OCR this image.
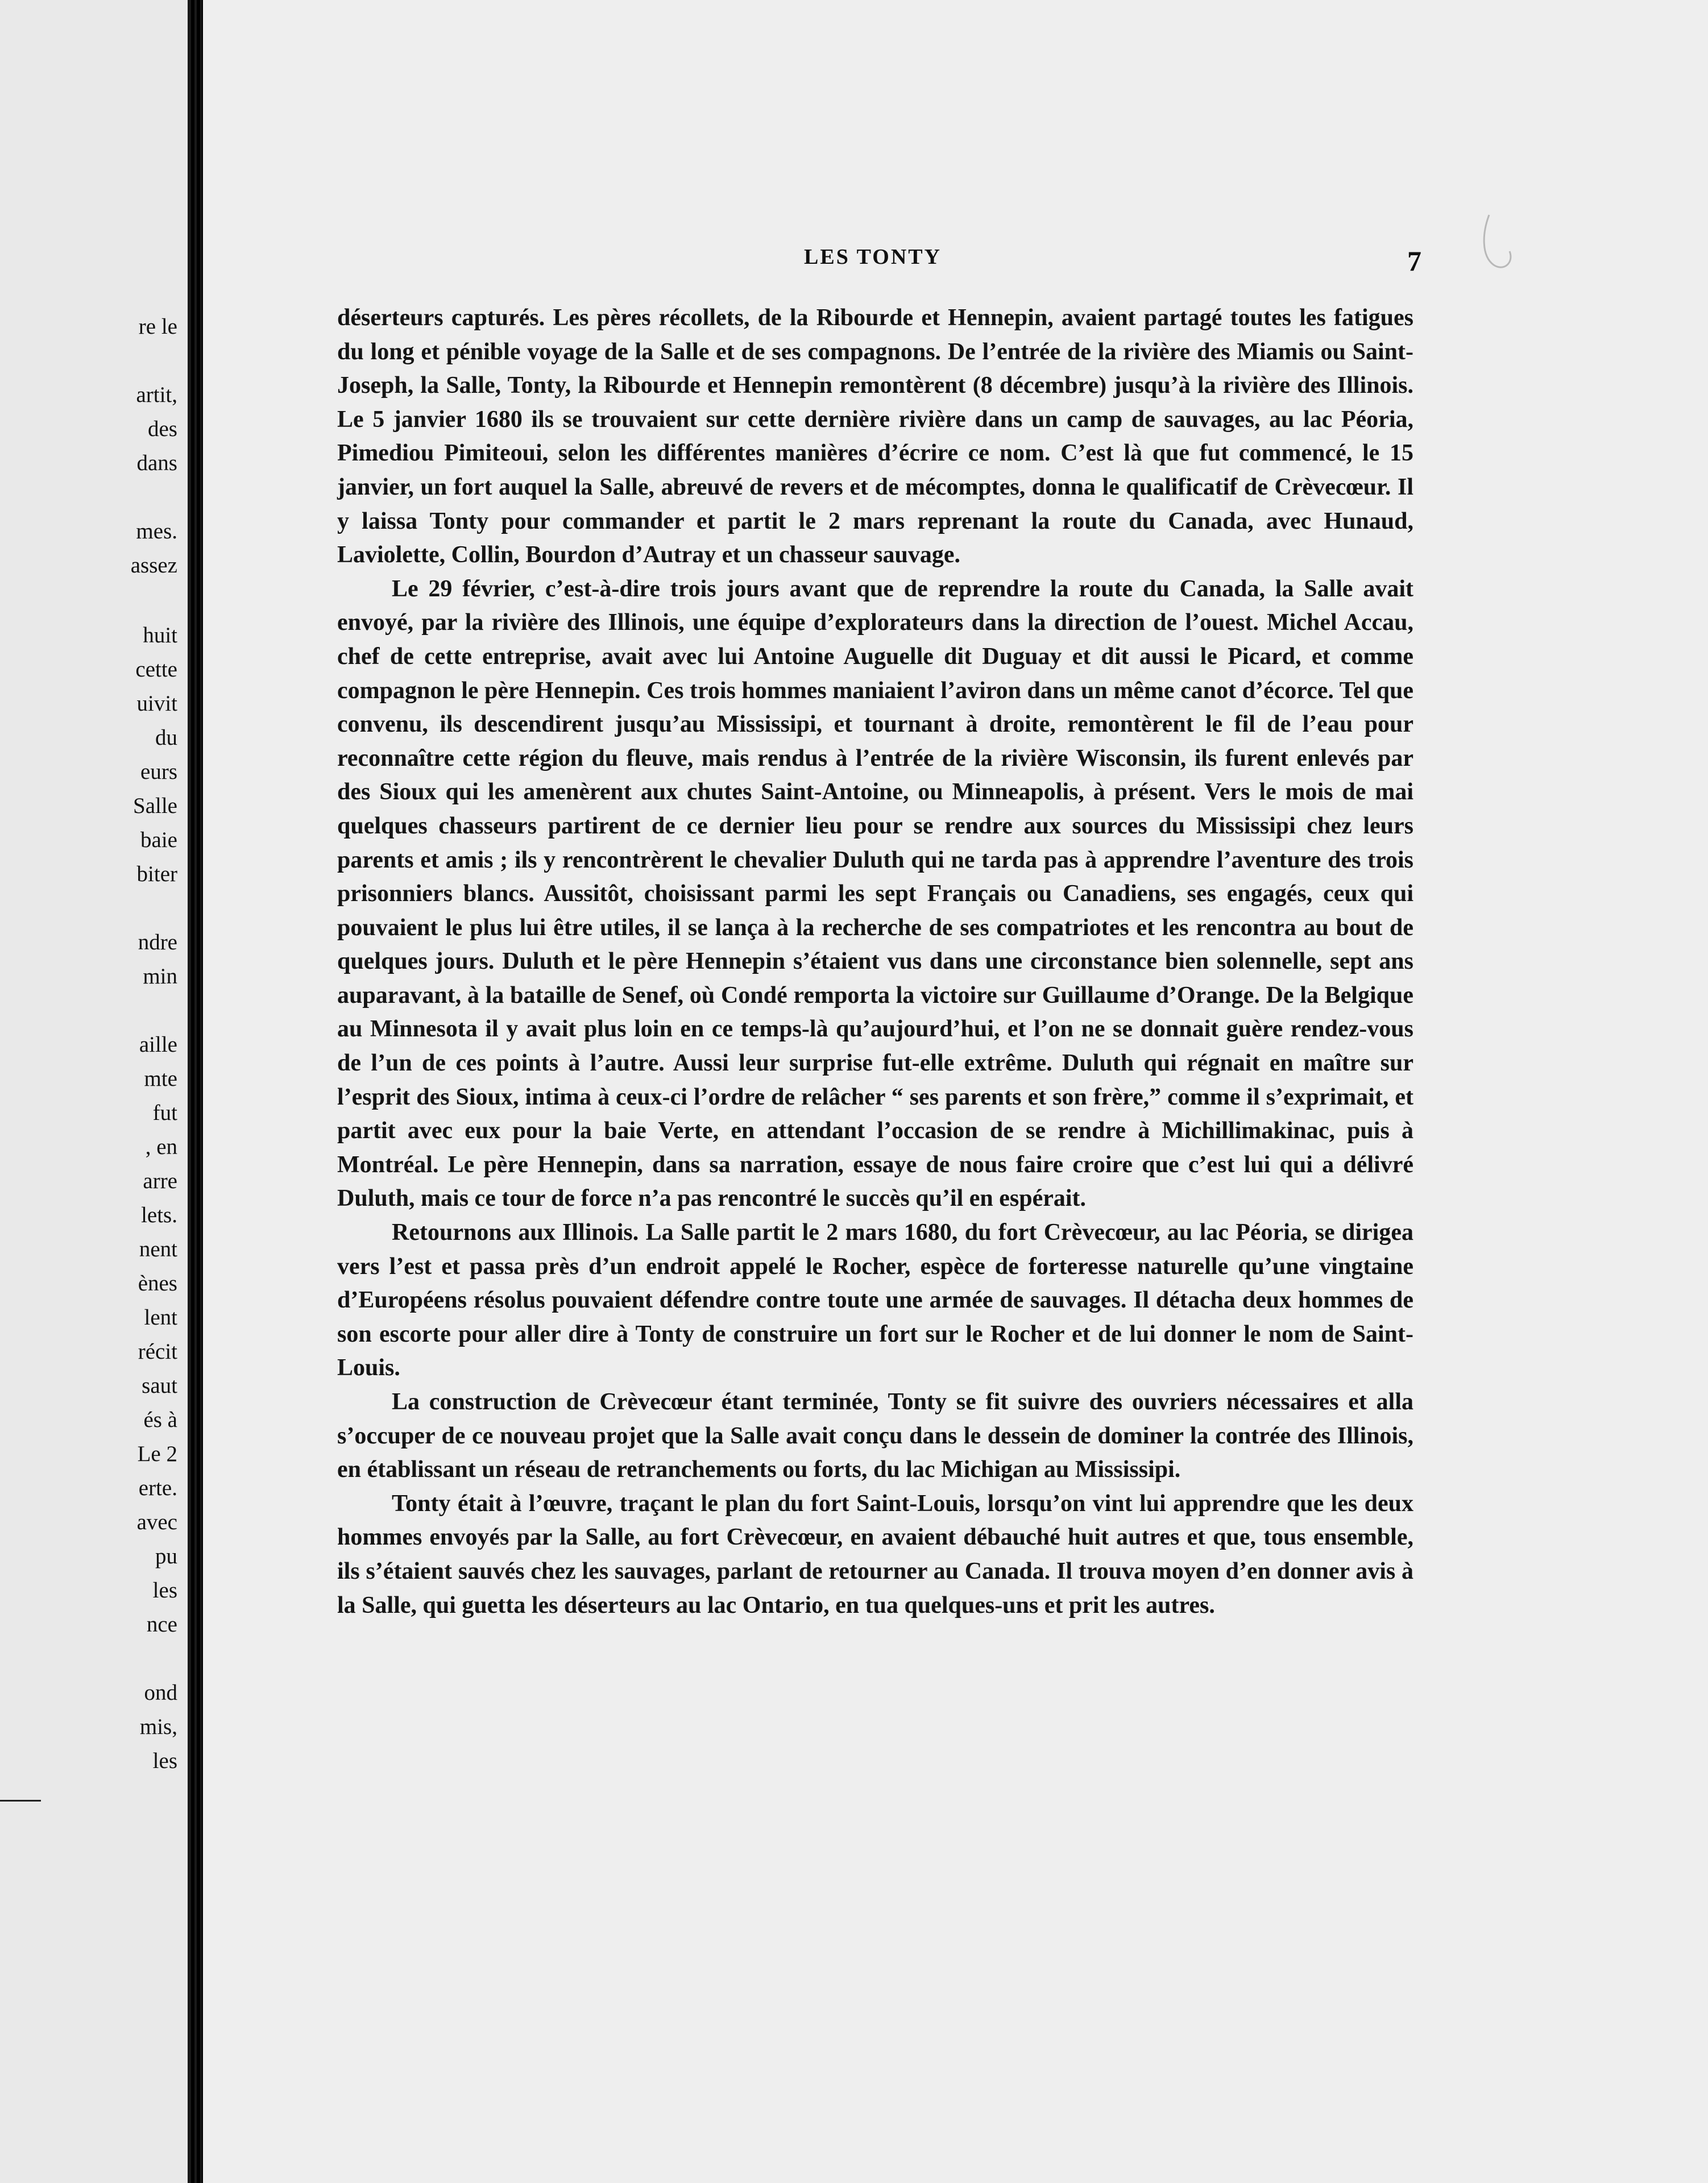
re le
artit,
des
dans
mes.
assez
huit
cette
uivit
du
eurs
Salle
baie
biter
ndre
min
aille
mte
fut
, en
arre
lets.
nent
ènes
lent
récit
saut
és à
Le 2
erte.
avec
pu
les
nce
ond
mis,
les
LES TONTY	7

déserteurs capturés. Les pères récollets, de la Ribourde et Hennepin, avaient partagé toutes les fatigues du long et pénible voyage de la Salle et de ses compagnons. De l’entrée de la rivière des Miamis ou Saint-Joseph, la Salle, Tonty, la Ribourde et Hennepin remontèrent (8 décembre) jusqu’à la rivière des Illinois. Le 5 janvier 1680 ils se trouvaient sur cette dernière rivière dans un camp de sauvages, au lac Péoria, Pimediou Pimiteoui, selon les différentes manières d’écrire ce nom. C’est là que fut commencé, le 15 janvier, un fort auquel la Salle, abreuvé de revers et de mécomptes, donna le qualificatif de Crèvecœur. Il y laissa Tonty pour commander et partit le 2 mars reprenant la route du Canada, avec Hunaud, Laviolette, Collin, Bourdon d’Autray et un chasseur sauvage.

Le 29 février, c’est-à-dire trois jours avant que de reprendre la route du Canada, la Salle avait envoyé, par la rivière des Illinois, une équipe d’explorateurs dans la direction de l’ouest. Michel Accau, chef de cette entreprise, avait avec lui Antoine Auguelle dit Duguay et dit aussi le Picard, et comme compagnon le père Hennepin. Ces trois hommes maniaient l’aviron dans un même canot d’écorce. Tel que convenu, ils descendirent jusqu’au Mississipi, et tournant à droite, remontèrent le fil de l’eau pour reconnaître cette région du fleuve, mais rendus à l’entrée de la rivière Wisconsin, ils furent enlevés par des Sioux qui les amenèrent aux chutes Saint-Antoine, ou Minneapolis, à présent. Vers le mois de mai quelques chasseurs partirent de ce dernier lieu pour se rendre aux sources du Mississipi chez leurs parents et amis ; ils y rencontrèrent le chevalier Duluth qui ne tarda pas à apprendre l’aventure des trois prisonniers blancs. Aussitôt, choisissant parmi les sept Français ou Canadiens, ses engagés, ceux qui pouvaient le plus lui être utiles, il se lança à la recherche de ses compatriotes et les rencontra au bout de quelques jours. Duluth et le père Hennepin s’étaient vus dans une circonstance bien solennelle, sept ans auparavant, à la bataille de Senef, où Condé remporta la victoire sur Guillaume d’Orange. De la Belgique au Minnesota il y avait plus loin en ce temps-là qu’aujourd’hui, et l’on ne se donnait guère rendez-vous de l’un de ces points à l’autre. Aussi leur surprise fut-elle extrême. Duluth qui régnait en maître sur l’esprit des Sioux, intima à ceux-ci l’ordre de relâcher “ ses parents et son frère,” comme il s’exprimait, et partit avec eux pour la baie Verte, en attendant l’occasion de se rendre à Michillimakinac, puis à Montréal. Le père Hennepin, dans sa narration, essaye de nous faire croire que c’est lui qui a délivré Duluth, mais ce tour de force n’a pas rencontré le succès qu’il en espérait.

Retournons aux Illinois. La Salle partit le 2 mars 1680, du fort Crèvecœur, au lac Péoria, se dirigea vers l’est et passa près d’un endroit appelé le Rocher, espèce de forteresse naturelle qu’une vingtaine d’Européens résolus pouvaient défendre contre toute une armée de sauvages. Il détacha deux hommes de son escorte pour aller dire à Tonty de construire un fort sur le Rocher et de lui donner le nom de Saint-Louis.

La construction de Crèvecœur étant terminée, Tonty se fit suivre des ouvriers nécessaires et alla s’occuper de ce nouveau projet que la Salle avait conçu dans le dessein de dominer la contrée des Illinois, en établissant un réseau de retranchements ou forts, du lac Michigan au Mississipi.

Tonty était à l’œuvre, traçant le plan du fort Saint-Louis, lorsqu’on vint lui apprendre que les deux hommes envoyés par la Salle, au fort Crèvecœur, en avaient débauché huit autres et que, tous ensemble, ils s’étaient sauvés chez les sauvages, parlant de retourner au Canada. Il trouva moyen d’en donner avis à la Salle, qui guetta les déserteurs au lac Ontario, en tua quelques-uns et prit les autres.
